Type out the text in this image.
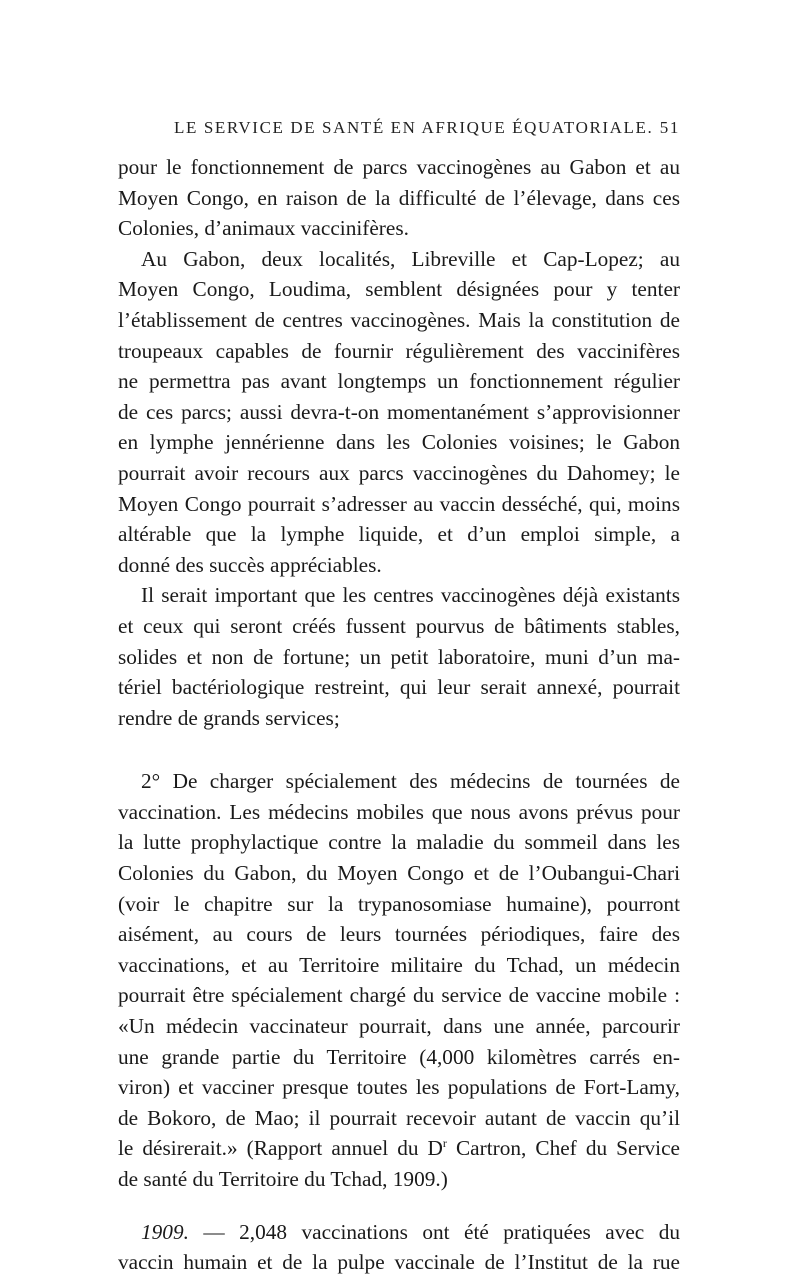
LE SERVICE DE SANTÉ EN AFRIQUE ÉQUATORIALE. 51
pour le fonctionnement de parcs vaccinogènes au Gabon et au
Moyen Congo, en raison de la difficulté de l’élevage, dans ces
Colonies, d’animaux vaccinifères.
Au Gabon, deux localités, Libreville et Cap-Lopez; au
Moyen Congo, Loudima, semblent désignées pour y tenter
l’établissement de centres vaccinogènes. Mais la constitution de
troupeaux capables de fournir régulièrement des vaccinifères
ne permettra pas avant longtemps un fonctionnement régulier
de ces parcs; aussi devra-t-on momentanément s’approvisionner
en lymphe jennérienne dans les Colonies voisines; le Gabon
pourrait avoir recours aux parcs vaccinogènes du Dahomey; le
Moyen Congo pourrait s’adresser au vaccin desséché, qui, moins
altérable que la lymphe liquide, et d’un emploi simple, a
donné des succès appréciables.
Il serait important que les centres vaccinogènes déjà existants
et ceux qui seront créés fussent pourvus de bâtiments stables,
solides et non de fortune; un petit laboratoire, muni d’un ma-
tériel bactériologique restreint, qui leur serait annexé, pourrait
rendre de grands services;
2° De charger spécialement des médecins de tournées de
vaccination. Les médecins mobiles que nous avons prévus pour
la lutte prophylactique contre la maladie du sommeil dans les
Colonies du Gabon, du Moyen Congo et de l’Oubangui-Chari
(voir le chapitre sur la trypanosomiase humaine), pourront
aisément, au cours de leurs tournées périodiques, faire des
vaccinations, et au Territoire militaire du Tchad, un médecin
pourrait être spécialement chargé du service de vaccine mobile :
«Un médecin vaccinateur pourrait, dans une année, parcourir
une grande partie du Territoire (4,000 kilomètres carrés en-
viron) et vacciner presque toutes les populations de Fort-Lamy,
de Bokoro, de Mao; il pourrait recevoir autant de vaccin qu’il
le désirerait.» (Rapport annuel du $D^r$ Cartron, Chef du Service
de santé du Territoire du Tchad, 1909.)
1909. — 2,048 vaccinations ont été pratiquées avec du
vaccin humain et de la pulpe vaccinale de l’Institut de la rue
